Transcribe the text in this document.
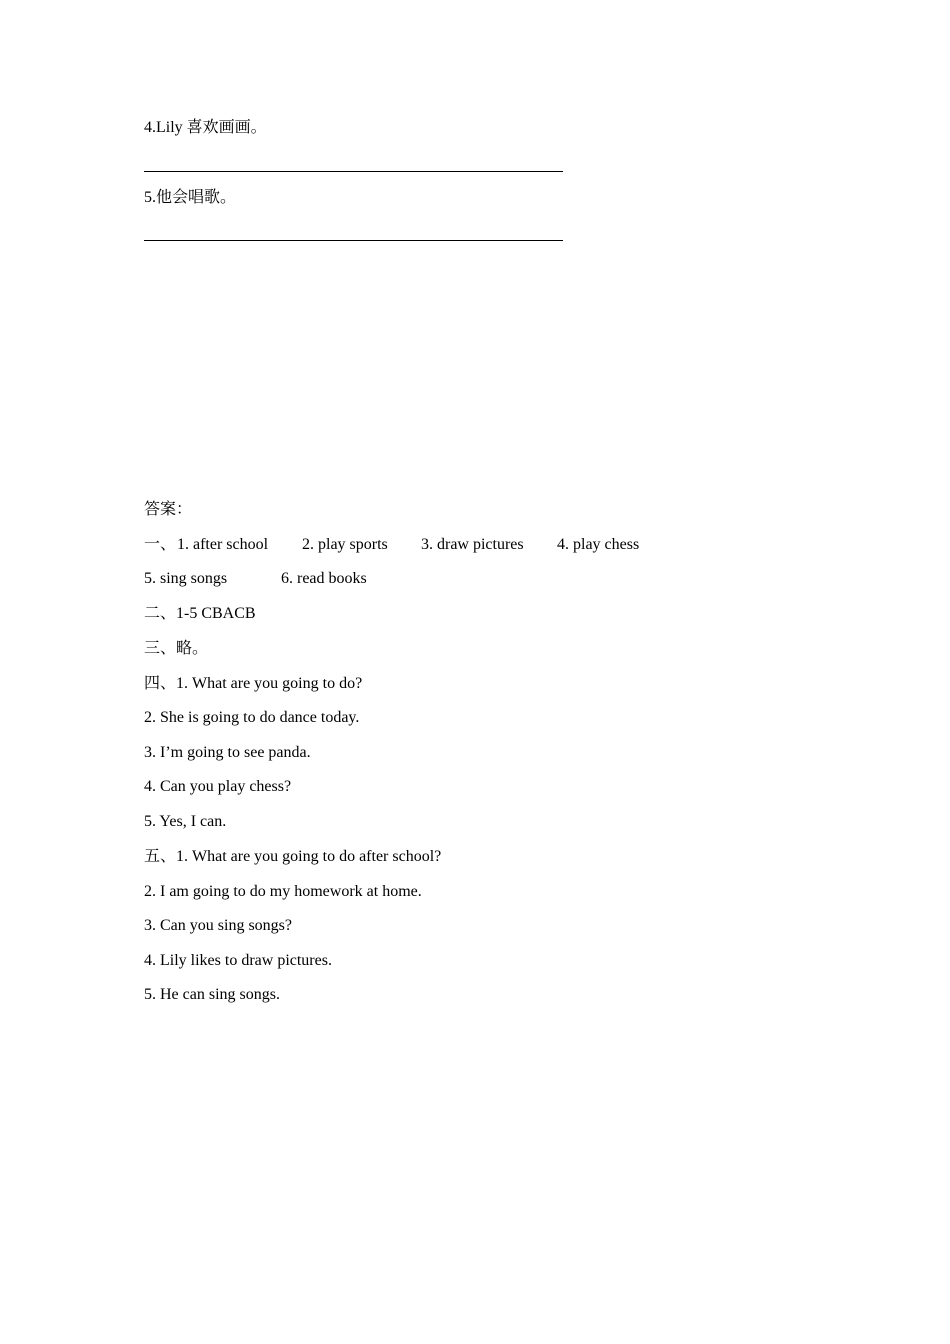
4.Lily 喜欢画画。
5.他会唱歌。
答案：
一、 1. after school 2. play sports 3. draw pictures 4. play chess
5. sing songs	6. read books
二、1-5 CBACB
三、略。
四、1. What are you going to do?
2. She is going to do dance today.
3. I’m going to see panda.
4. Can you play chess?
5. Yes, I can.
五、1. What are you going to do after school?
2. I am going to do my homework at home.
3. Can you sing songs?
4. Lily likes to draw pictures.
5. He can sing songs.
